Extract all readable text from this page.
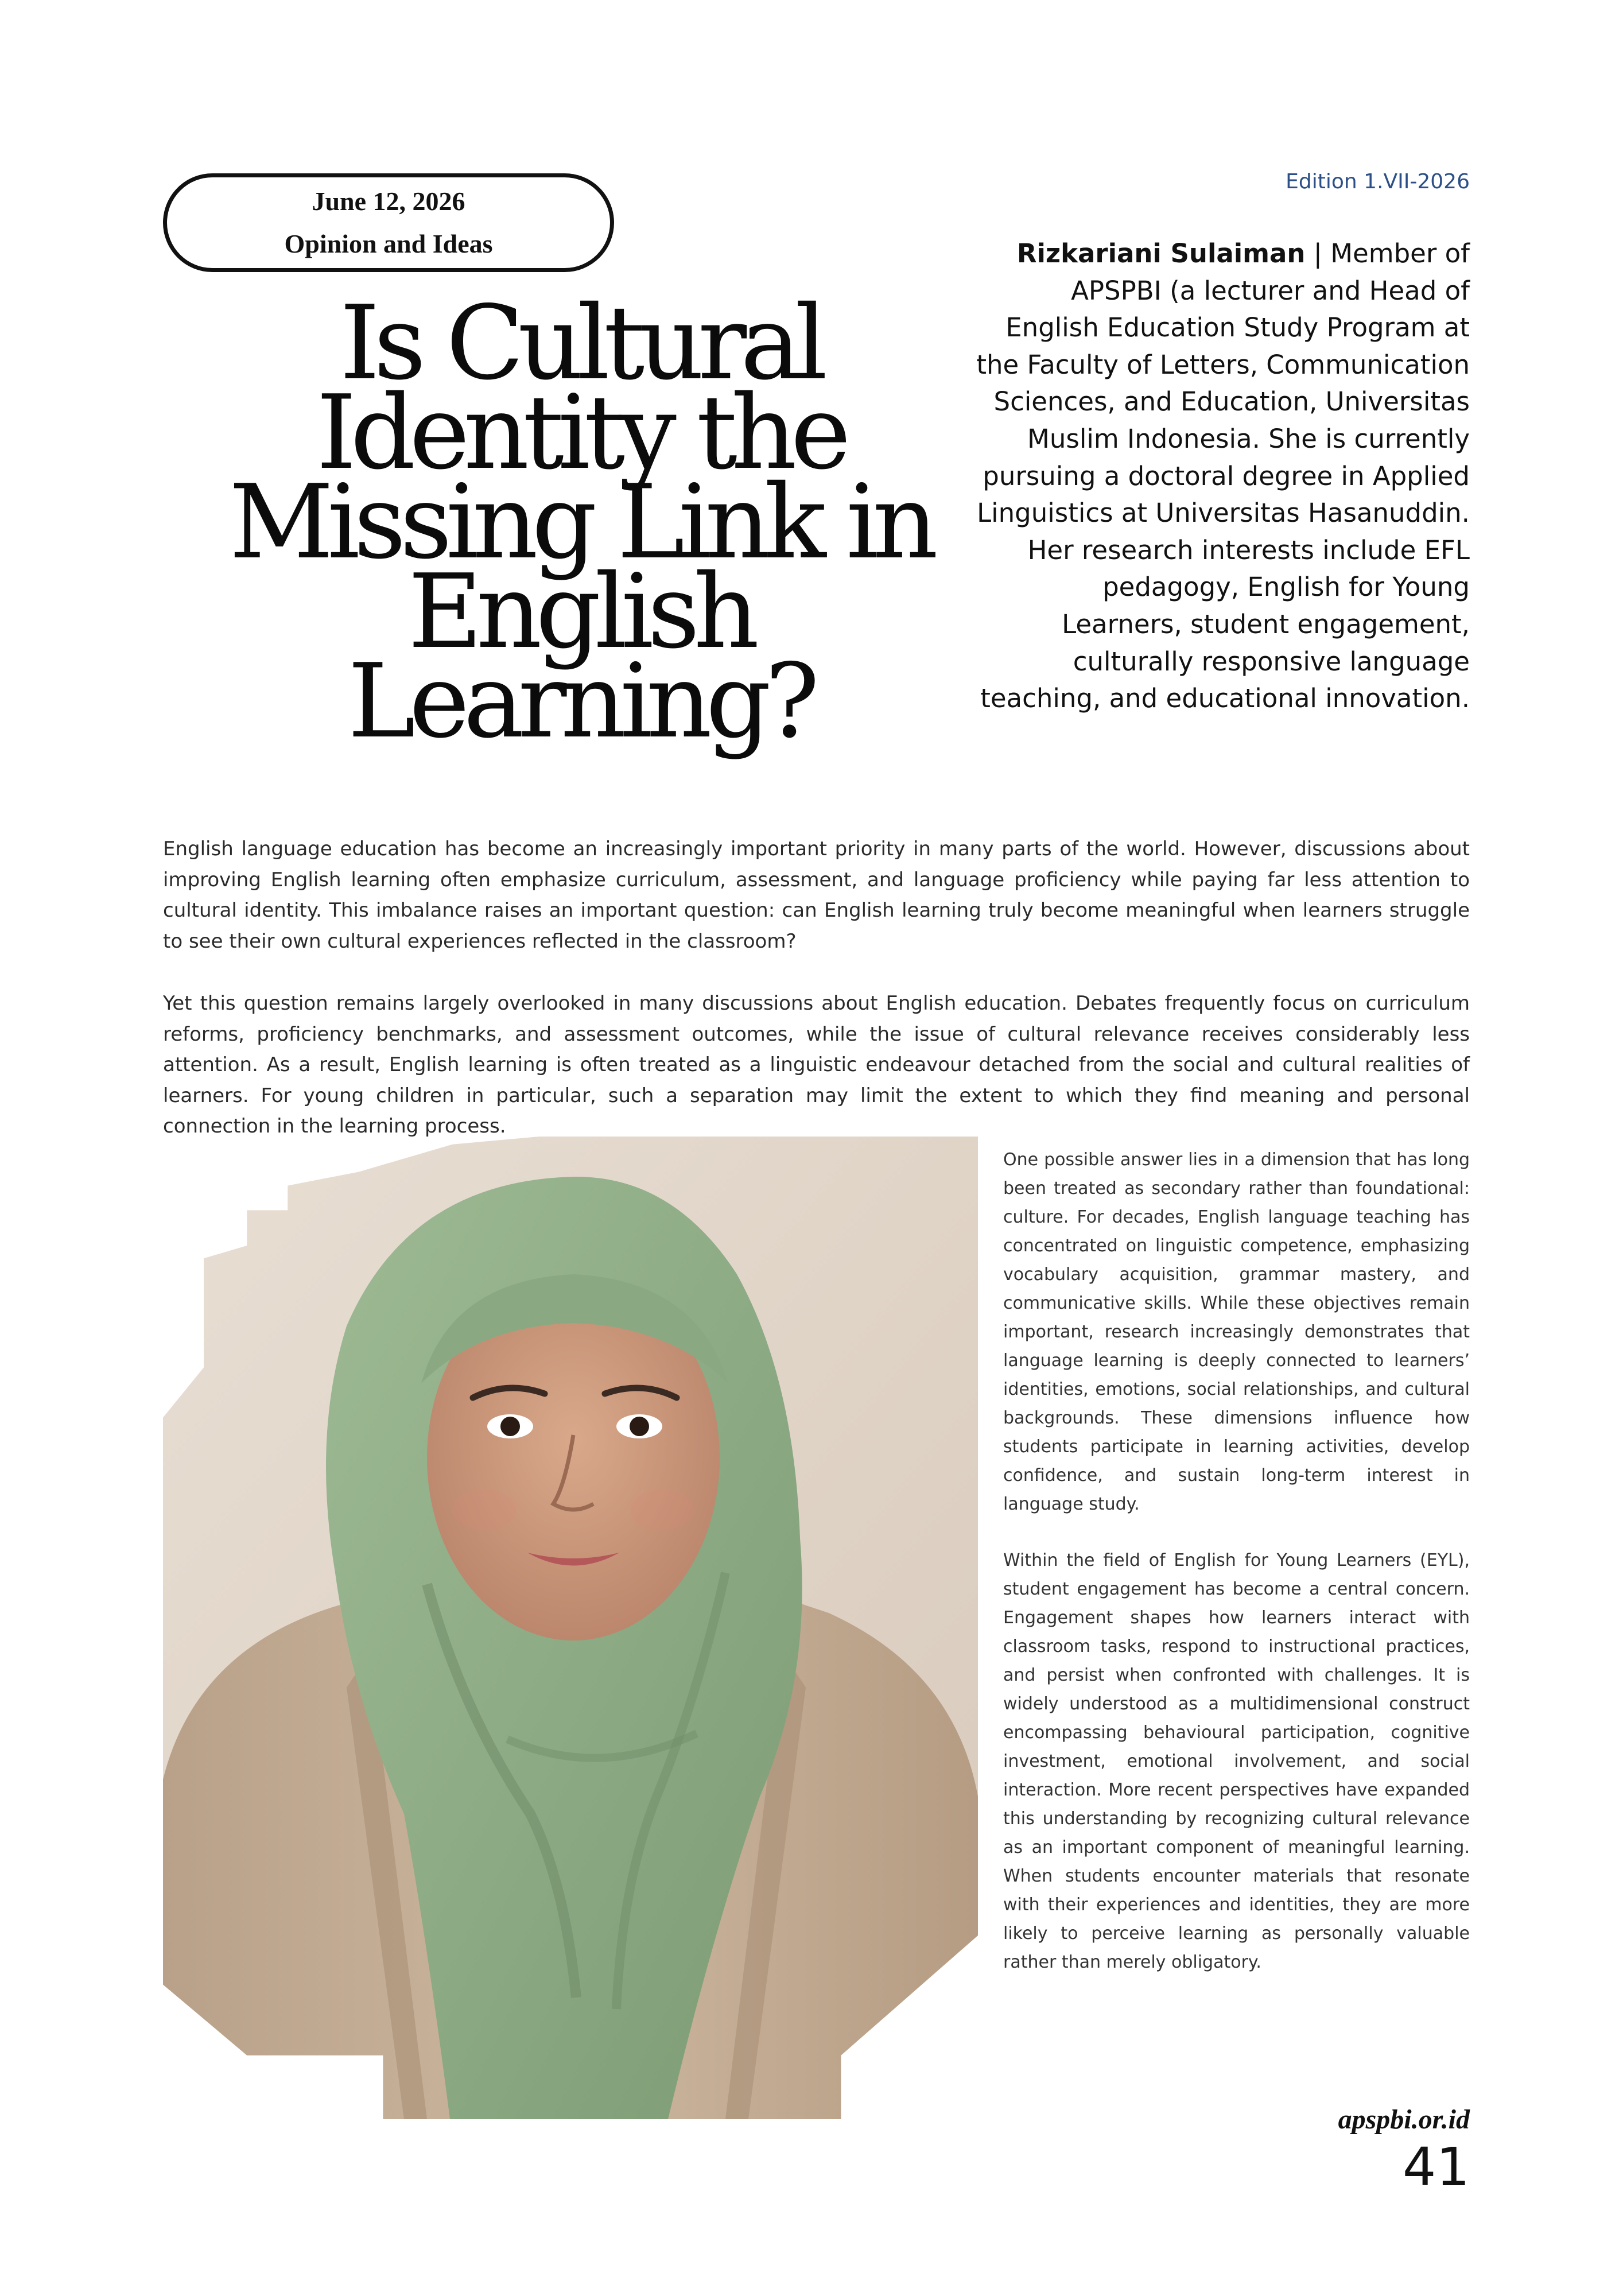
June 12, 2026
Opinion and Ideas
Edition 1.VII-2026

Rizkariani Sulaiman | Member of APSPBI (a lecturer and Head of English Education Study Program at the Faculty of Letters, Communication Sciences, and Education, Universitas Muslim Indonesia. She is currently pursuing a doctoral degree in Applied Linguistics at Universitas Hasanuddin. Her research interests include EFL pedagogy, English for Young Learners, student engagement, culturally responsive language teaching, and educational innovation.

Is Cultural
Identity the
Missing Link in
English
Learning?

English language education has become an increasingly important priority in many parts of the world. However, discussions about improving English learning often emphasize curriculum, assessment, and language proficiency while paying far less attention to cultural identity. This imbalance raises an important question: can English learning truly become meaningful when learners struggle to see their own cultural experiences reflected in the classroom?

Yet this question remains largely overlooked in many discussions about English education. Debates frequently focus on curriculum reforms, proficiency benchmarks, and assessment outcomes, while the issue of cultural relevance receives considerably less attention. As a result, English learning is often treated as a linguistic endeavour detached from the social and cultural realities of learners. For young children in particular, such a separation may limit the extent to which they find meaning and personal connection in the learning process.

One possible answer lies in a dimension that has long been treated as secondary rather than foundational: culture. For decades, English language teaching has concentrated on linguistic competence, emphasizing vocabulary acquisition, grammar mastery, and communicative skills. While these objectives remain important, research increasingly demonstrates that language learning is deeply connected to learners’ identities, emotions, social relationships, and cultural backgrounds. These dimensions influence how students participate in learning activities, develop confidence, and sustain long-term interest in language study.

Within the field of English for Young Learners (EYL), student engagement has become a central concern. Engagement shapes how learners interact with classroom tasks, respond to instructional practices, and persist when confronted with challenges. It is widely understood as a multidimensional construct encompassing behavioural participation, cognitive investment, emotional involvement, and social interaction. More recent perspectives have expanded this understanding by recognizing cultural relevance as an important component of meaningful learning. When students encounter materials that resonate with their experiences and identities, they are more likely to perceive learning as personally valuable rather than merely obligatory.

apspbi.or.id
41
